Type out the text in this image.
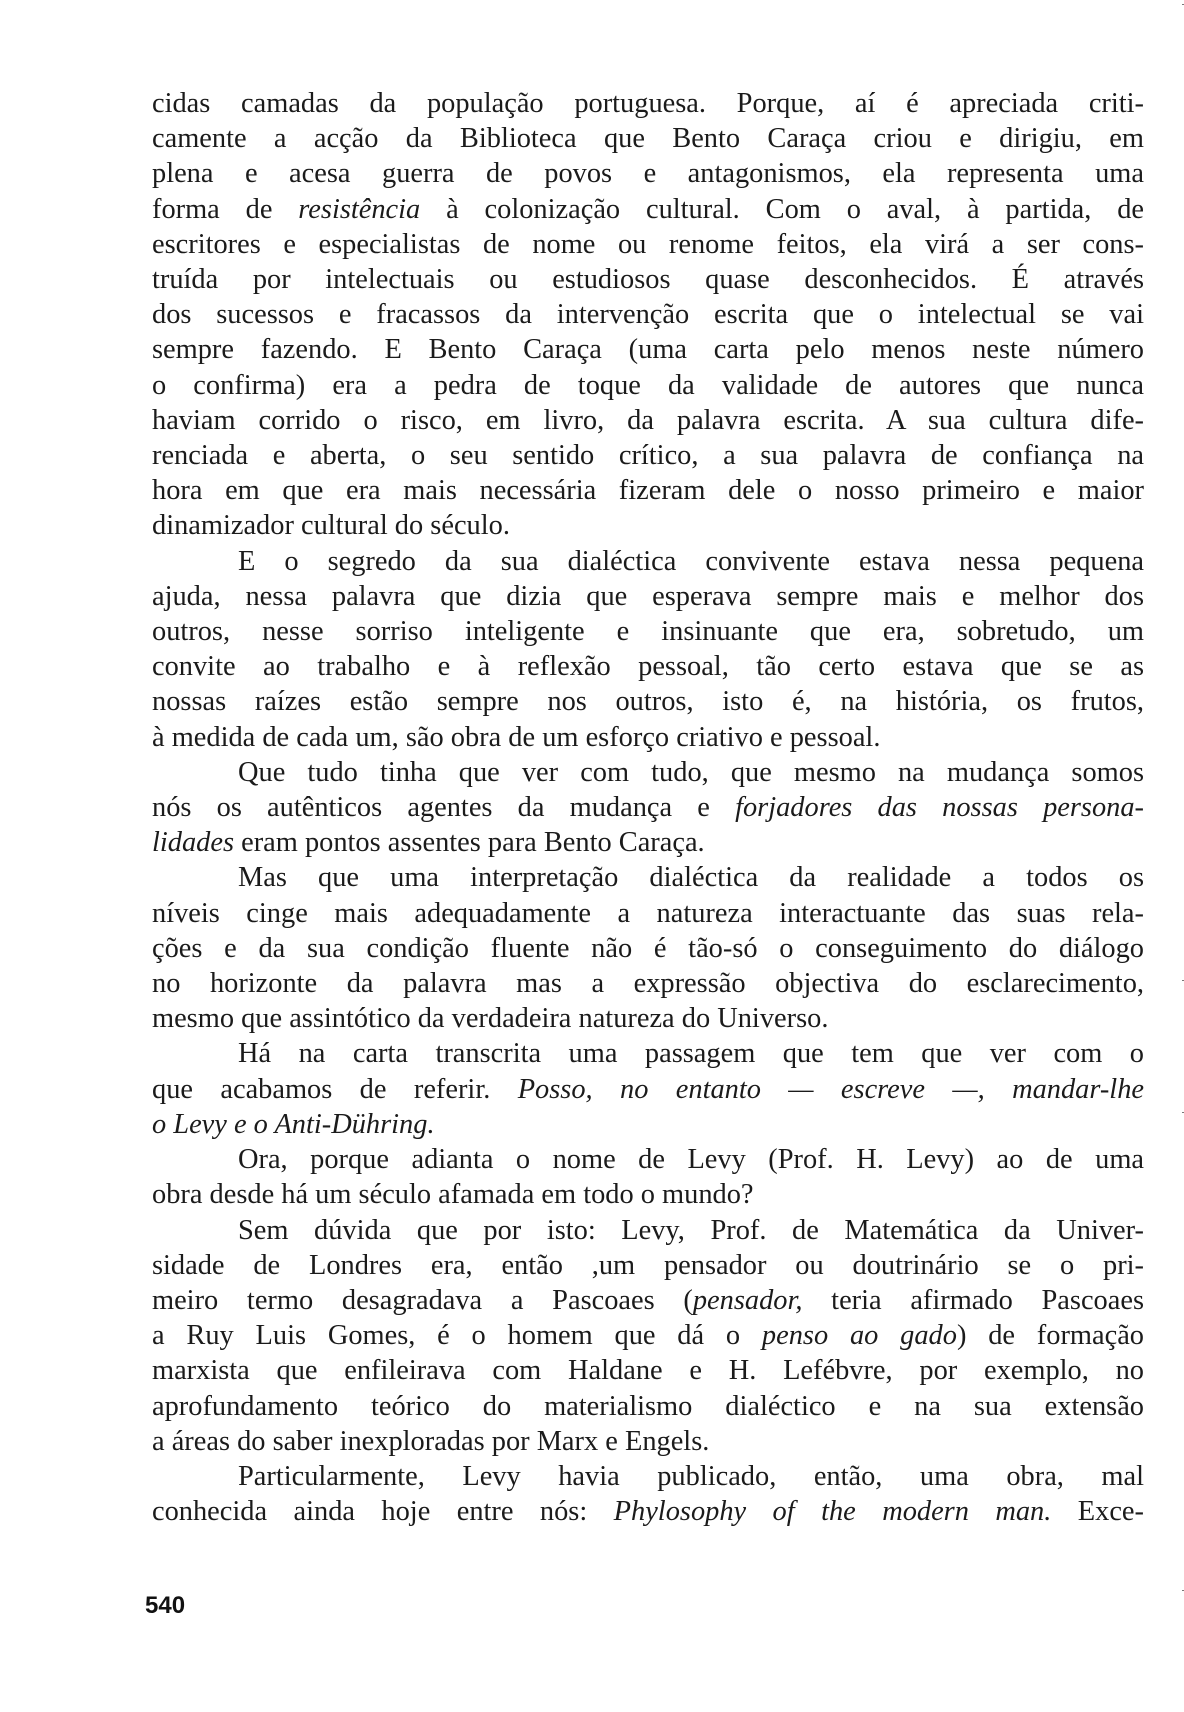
cidas camadas da população portuguesa. Porque, aí é apreciada criti-
camente a acção da Biblioteca que Bento Caraça criou e dirigiu, em
plena e acesa guerra de povos e antagonismos, ela representa uma
forma de resistência à colonização cultural. Com o aval, à partida, de
escritores e especialistas de nome ou renome feitos, ela virá a ser cons-
truída por intelectuais ou estudiosos quase desconhecidos. É através
dos sucessos e fracassos da intervenção escrita que o intelectual se vai
sempre fazendo. E Bento Caraça (uma carta pelo menos neste número
o confirma) era a pedra de toque da validade de autores que nunca
haviam corrido o risco, em livro, da palavra escrita. A sua cultura dife-
renciada e aberta, o seu sentido crítico, a sua palavra de confiança na
hora em que era mais necessária fizeram dele o nosso primeiro e maior
dinamizador cultural do século.
E o segredo da sua dialéctica convivente estava nessa pequena
ajuda, nessa palavra que dizia que esperava sempre mais e melhor dos
outros, nesse sorriso inteligente e insinuante que era, sobretudo, um
convite ao trabalho e à reflexão pessoal, tão certo estava que se as
nossas raízes estão sempre nos outros, isto é, na história, os frutos,
à medida de cada um, são obra de um esforço criativo e pessoal.
Que tudo tinha que ver com tudo, que mesmo na mudança somos
nós os autênticos agentes da mudança e forjadores das nossas persona-
lidades eram pontos assentes para Bento Caraça.
Mas que uma interpretação dialéctica da realidade a todos os
níveis cinge mais adequadamente a natureza interactuante das suas rela-
ções e da sua condição fluente não é tão-só o conseguimento do diálogo
no horizonte da palavra mas a expressão objectiva do esclarecimento,
mesmo que assintótico da verdadeira natureza do Universo.
Há na carta transcrita uma passagem que tem que ver com o
que acabamos de referir. Posso, no entanto — escreve —, mandar-lhe
o Levy e o Anti-Dühring.
Ora, porque adianta o nome de Levy (Prof. H. Levy) ao de uma
obra desde há um século afamada em todo o mundo?
Sem dúvida que por isto: Levy, Prof. de Matemática da Univer-
sidade de Londres era, então ,um pensador ou doutrinário se o pri-
meiro termo desagradava a Pascoaes (pensador, teria afirmado Pascoaes
a Ruy Luis Gomes, é o homem que dá o penso ao gado) de formação
marxista que enfileirava com Haldane e H. Lefébvre, por exemplo, no
aprofundamento teórico do materialismo dialéctico e na sua extensão
a áreas do saber inexploradas por Marx e Engels.
Particularmente, Levy havia publicado, então, uma obra, mal
conhecida ainda hoje entre nós: Phylosophy of the modern man. Exce-
540
